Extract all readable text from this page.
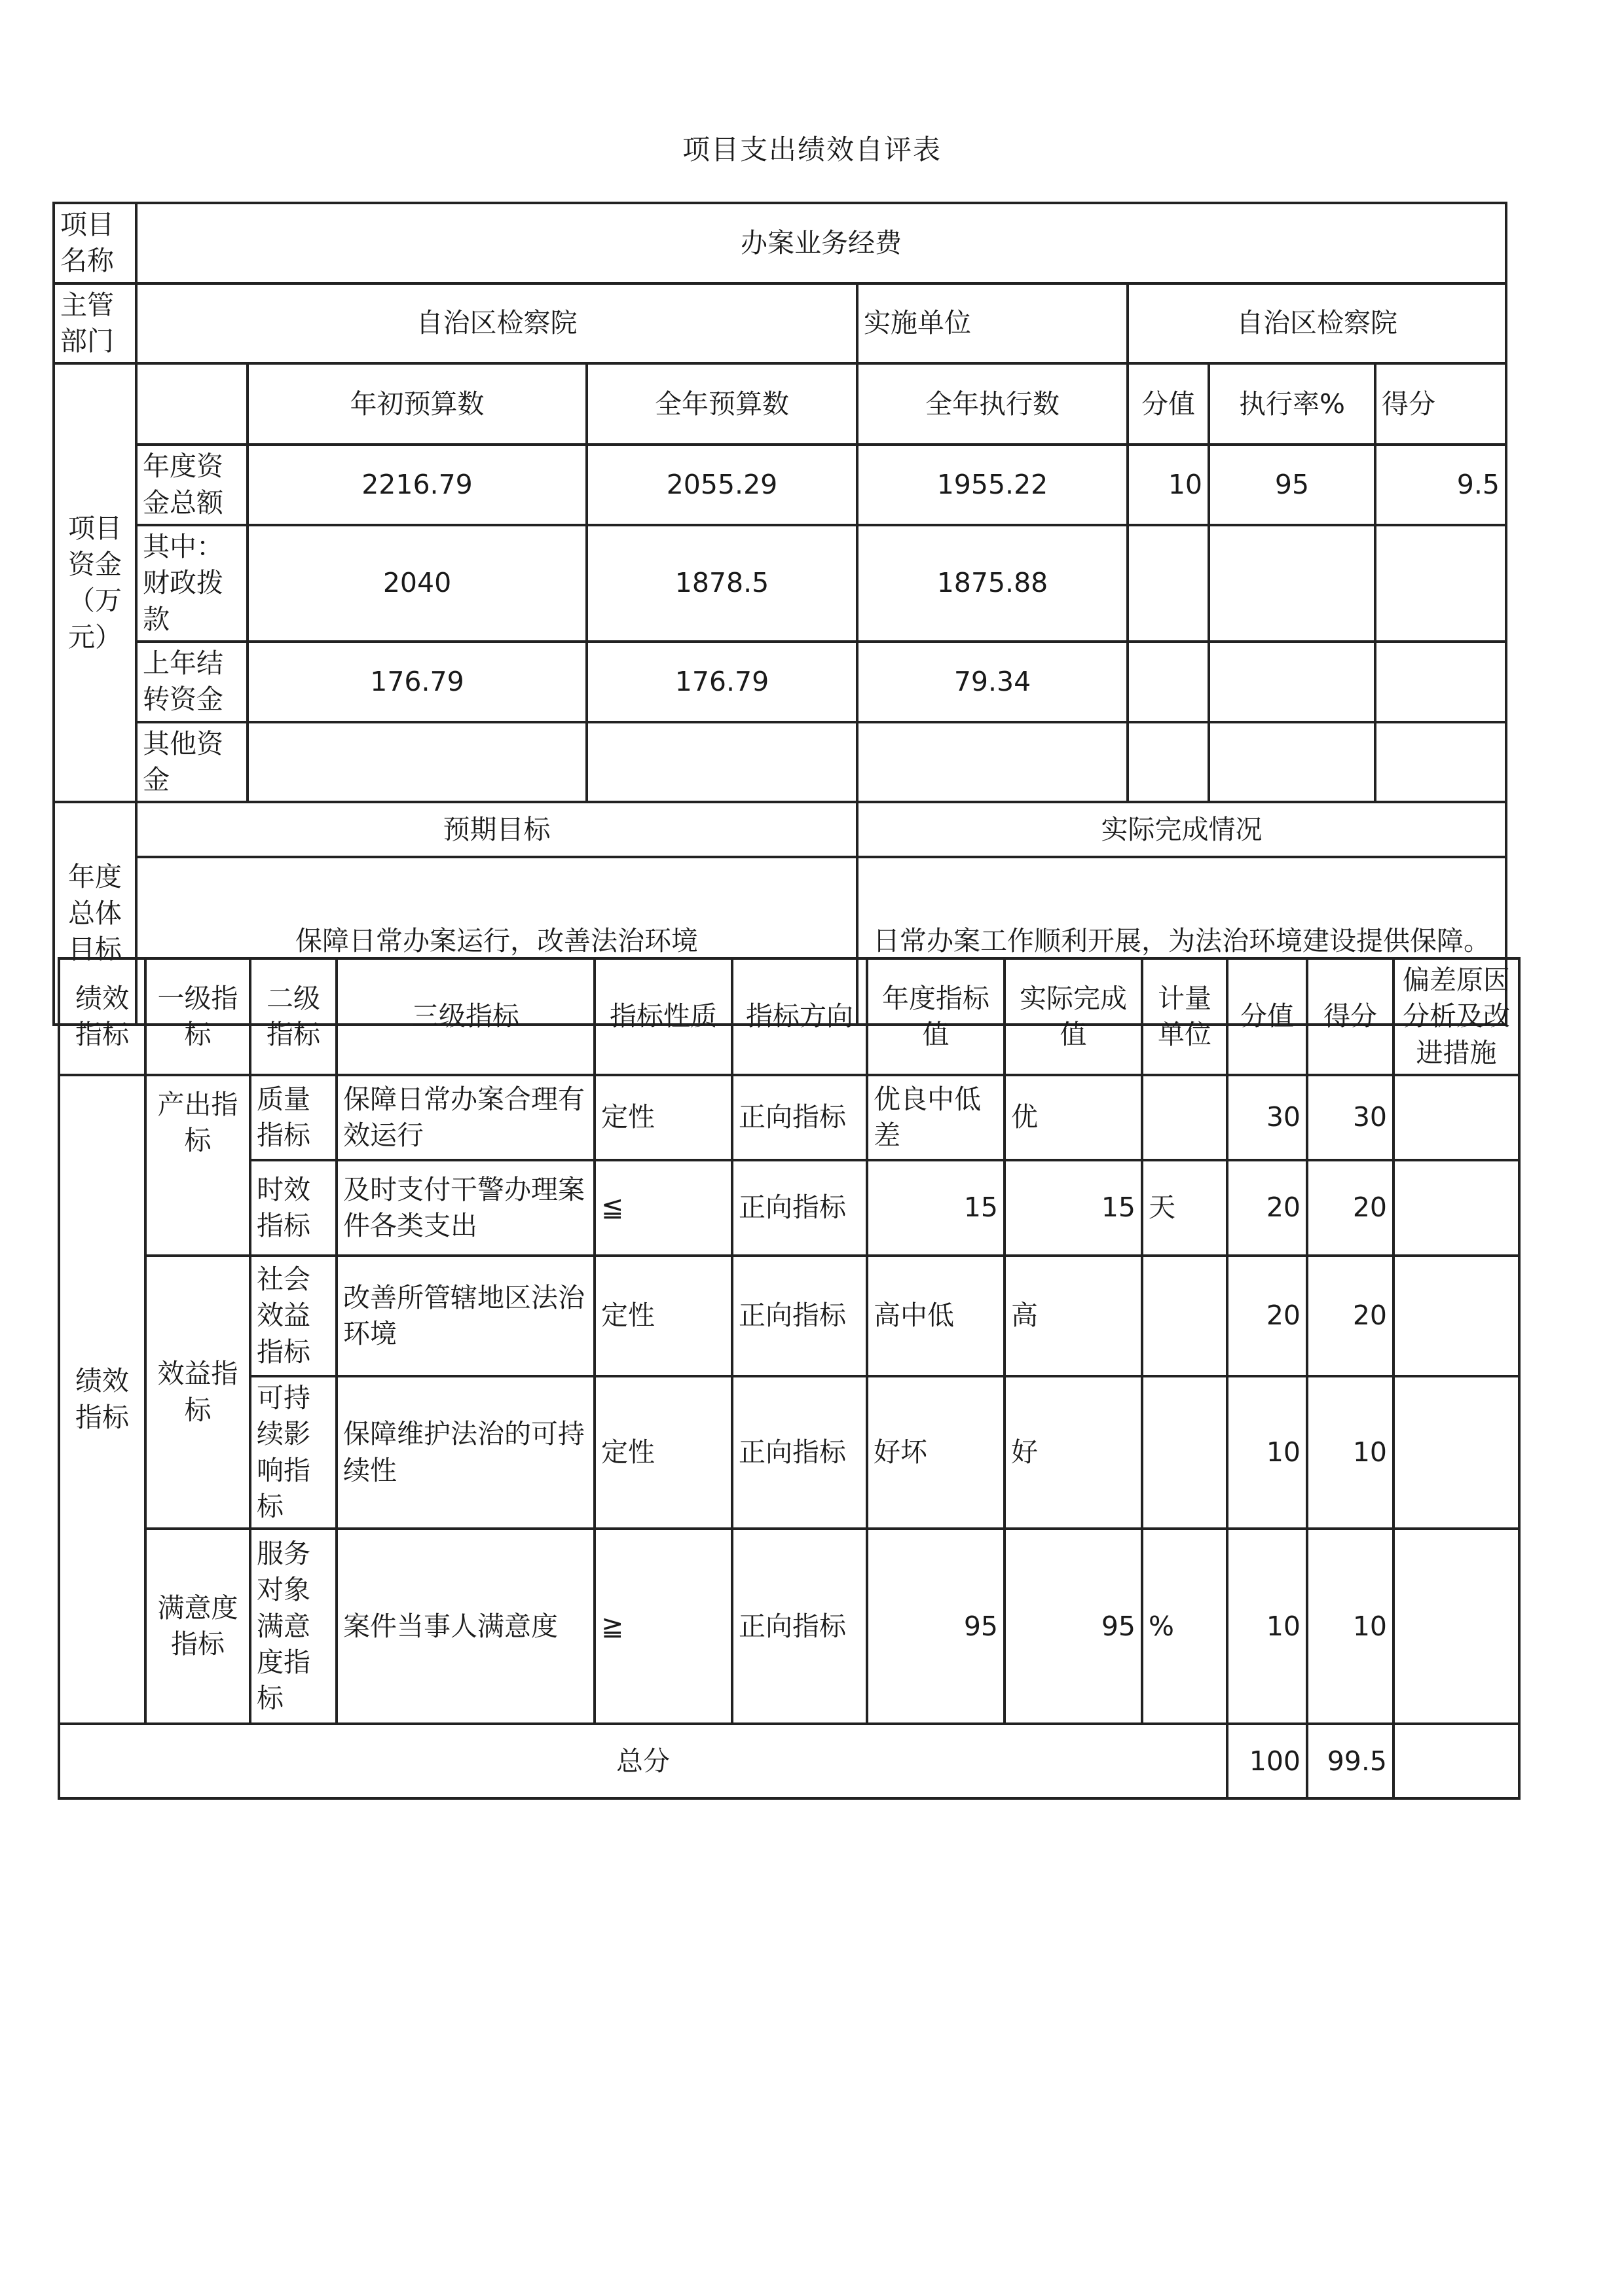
项目支出绩效自评表
项目名称	办案业务经费						
主管部门	自治区检察院			实施单位	自治区检察院		
项目资金（万元）		年初预算数	全年预算数	全年执行数	分值	执行率%	得分
	年度资金总额	2216.79	2055.29	1955.22	10	95	9.5
	其中：财政拨款	2040	1878.5	1875.88			
	上年结转资金	176.79	176.79	79.34			
	其他资金						
年度总体目标	预期目标			实际完成情况			
	保障日常办案运行，改善法治环境			日常办案工作顺利开展，为法治环境建设提供保障。			
绩效指标	一级指标	二级指标	三级指标	指标性质	指标方向	年度指标值	实际完成值	计量单位	分值	得分	偏差原因分析及改进措施
绩效指标	产出指标	质量指标	保障日常办案合理有效运行	定性	正向指标	优良中低差	优		30	30	
		时效指标	及时支付干警办理案件各类支出	≦	正向指标	15	15	天	20	20	
	效益指标	社会效益指标	改善所管辖地区法治环境	定性	正向指标	高中低	高		20	20	
		可持续影响指标	保障维护法治的可持续性	定性	正向指标	好坏	好		10	10	
	满意度指标	服务对象满意度指标	案件当事人满意度	≧	正向指标	95	95	%	10	10	
总分									100	99.5	
